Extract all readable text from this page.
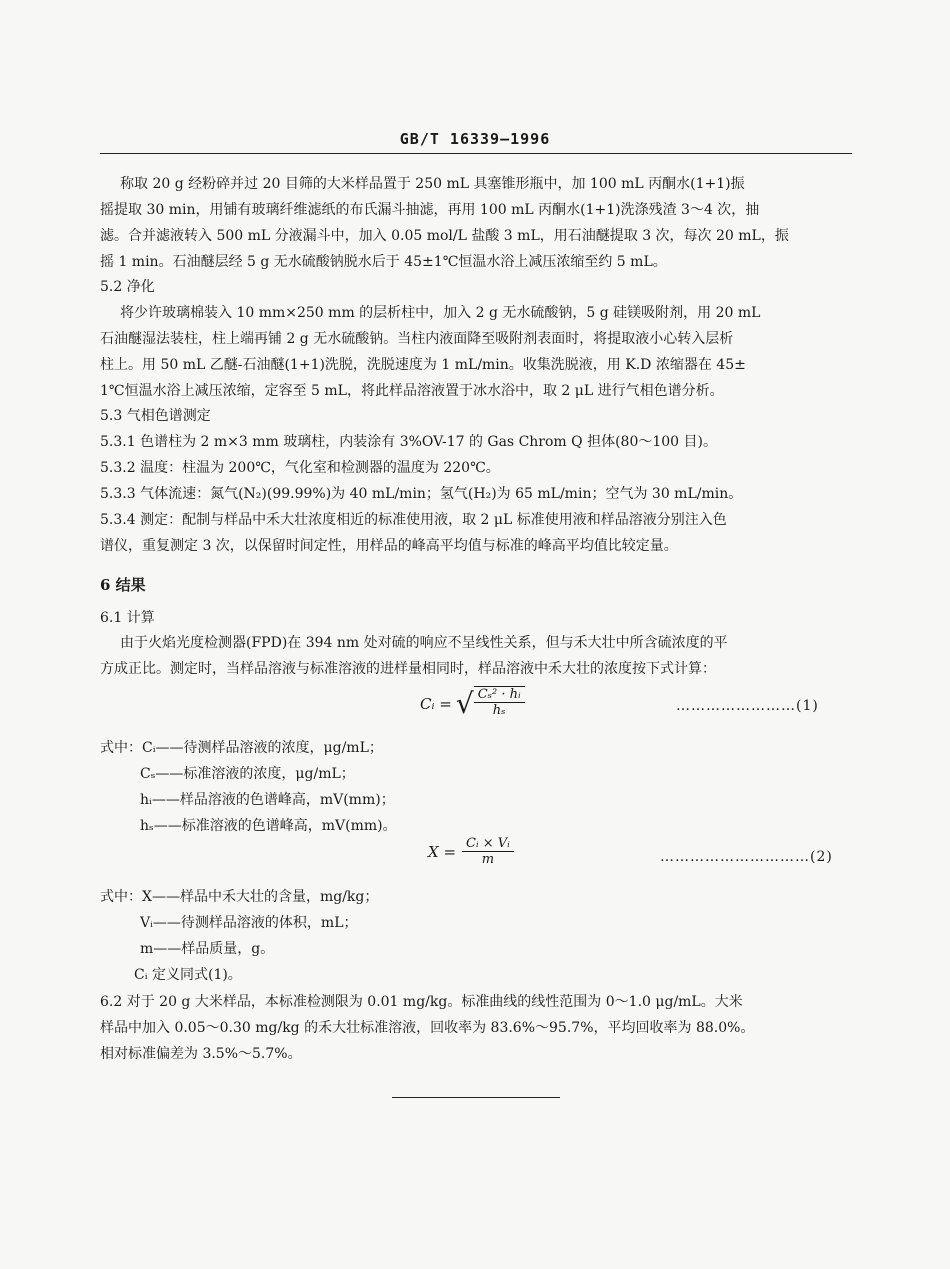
GB/T 16339—1996
称取 20 g 经粉碎并过 20 目筛的大米样品置于 250 mL 具塞锥形瓶中，加 100 mL 丙酮水(1+1)振
摇提取 30 min，用铺有玻璃纤维滤纸的布氏漏斗抽滤，再用 100 mL 丙酮水(1+1)洗涤残渣 3～4 次，抽
滤。合并滤液转入 500 mL 分液漏斗中，加入 0.05 mol/L 盐酸 3 mL，用石油醚提取 3 次，每次 20 mL，振
摇 1 min。石油醚层经 5 g 无水硫酸钠脱水后于 45±1℃恒温水浴上减压浓缩至约 5 mL。
5.2 净化
将少许玻璃棉装入 10 mm×250 mm 的层析柱中，加入 2 g 无水硫酸钠，5 g 硅镁吸附剂，用 20 mL
石油醚湿法装柱，柱上端再铺 2 g 无水硫酸钠。当柱内液面降至吸附剂表面时，将提取液小心转入层析
柱上。用 50 mL 乙醚-石油醚(1+1)洗脱，洗脱速度为 1 mL/min。收集洗脱液，用 K.D 浓缩器在 45±
1℃恒温水浴上减压浓缩，定容至 5 mL，将此样品溶液置于冰水浴中，取 2 μL 进行气相色谱分析。
5.3 气相色谱测定
5.3.1 色谱柱为 2 m×3 mm 玻璃柱，内装涂有 3%OV-17 的 Gas Chrom Q 担体(80～100 目)。
5.3.2 温度：柱温为 200℃，气化室和检测器的温度为 220℃。
5.3.3 气体流速：氮气(N₂)(99.99%)为 40 mL/min；氢气(H₂)为 65 mL/min；空气为 30 mL/min。
5.3.4 测定：配制与样品中禾大壮浓度相近的标准使用液，取 2 μL 标准使用液和样品溶液分别注入色
谱仪，重复测定 3 次，以保留时间定性，用样品的峰高平均值与标准的峰高平均值比较定量。
6 结果
6.1 计算
由于火焰光度检测器(FPD)在 394 nm 处对硫的响应不呈线性关系，但与禾大壮中所含硫浓度的平
方成正比。测定时，当样品溶液与标准溶液的进样量相同时，样品溶液中禾大壮的浓度按下式计算：
Cᵢ = √ $\frac{\text{Cₛ² · hᵢ}}{\text{hₛ}}$	……………………(1)
式中：Cᵢ——待测样品溶液的浓度，μg/mL；
Cₛ——标准溶液的浓度，μg/mL；
hᵢ——样品溶液的色谱峰高，mV(mm)；
hₛ——标准溶液的色谱峰高，mV(mm)。
$X = \frac{\text{Cᵢ × Vᵢ}}{m}$	…………………………(2)
式中：X——样品中禾大壮的含量，mg/kg；
Vᵢ——待测样品溶液的体积，mL；
m——样品质量，g。
Cᵢ 定义同式(1)。
6.2 对于 20 g 大米样品，本标准检测限为 0.01 mg/kg。标准曲线的线性范围为 0～1.0 μg/mL。大米
样品中加入 0.05～0.30 mg/kg 的禾大壮标准溶液，回收率为 83.6%～95.7%，平均回收率为 88.0%。
相对标准偏差为 3.5%～5.7%。
